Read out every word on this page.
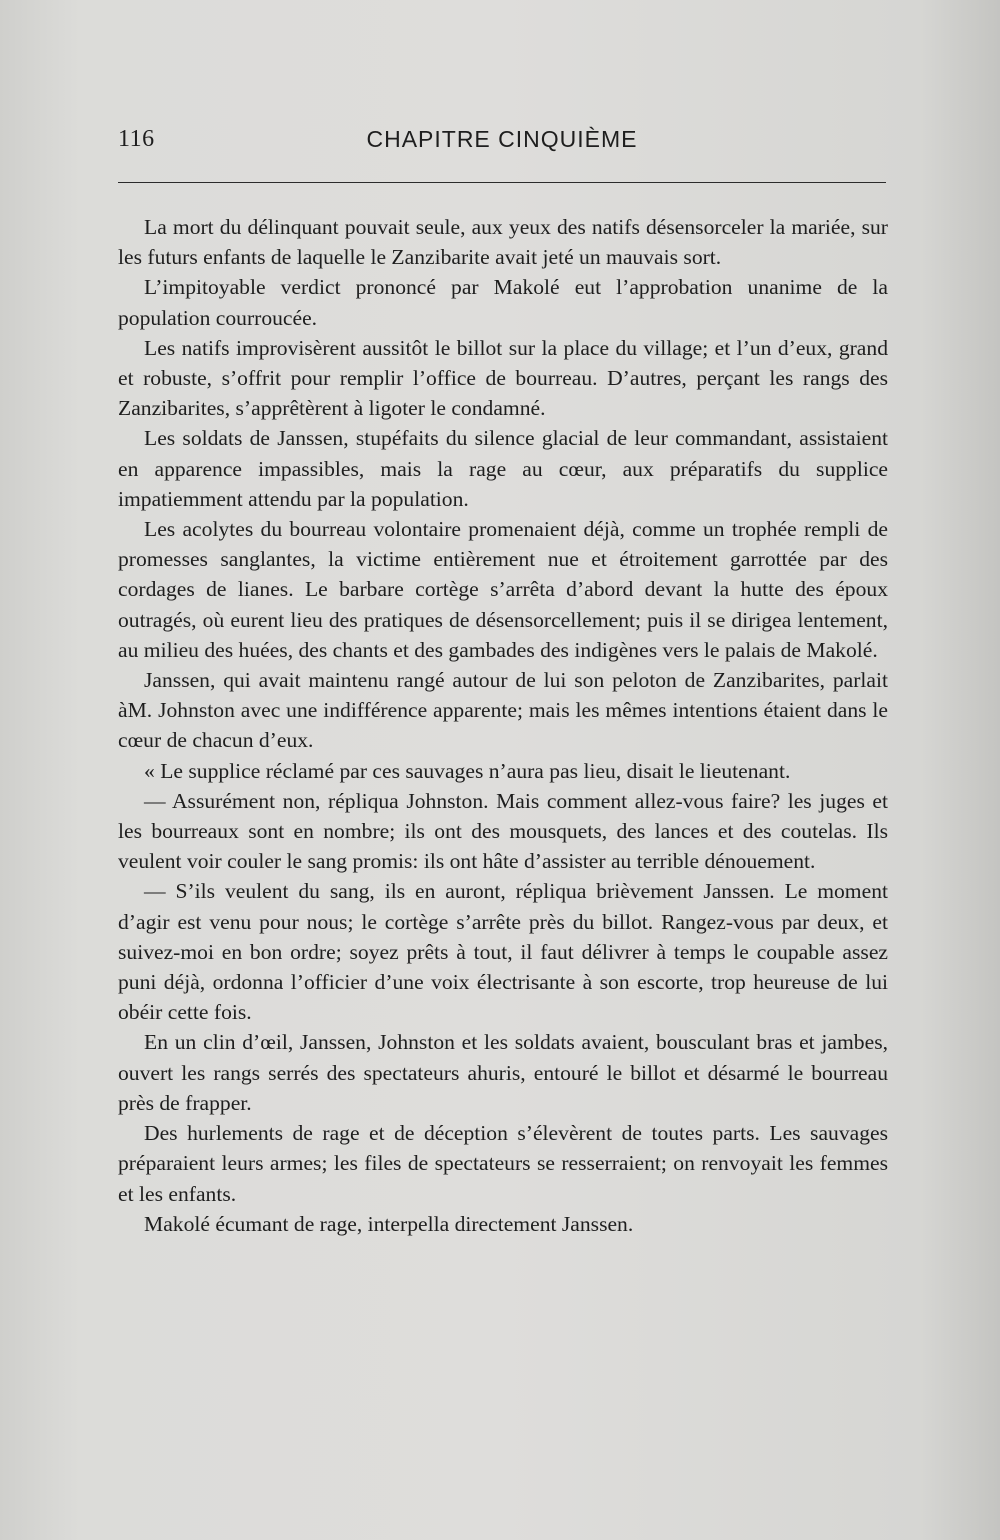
116	CHAPITRE CINQUIÈME

La mort du délinquant pouvait seule, aux yeux des natifs désensorceler la mariée, sur les futurs enfants de laquelle le Zanzibarite avait jeté un mauvais sort.

L’impitoyable verdict prononcé par Makolé eut l’approbation unanime de la population courroucée.

Les natifs improvisèrent aussitôt le billot sur la place du village; et l’un d’eux, grand et robuste, s’offrit pour remplir l’office de bourreau. D’autres, perçant les rangs des Zanzibarites, s’apprêtèrent à ligoter le condamné.

Les soldats de Janssen, stupéfaits du silence glacial de leur commandant, assistaient en apparence impassibles, mais la rage au cœur, aux préparatifs du supplice impatiemment attendu par la population.

Les acolytes du bourreau volontaire promenaient déjà, comme un trophée rempli de promesses sanglantes, la victime entièrement nue et étroitement garrottée par des cordages de lianes. Le barbare cortège s’arrêta d’abord devant la hutte des époux outragés, où eurent lieu des pratiques de désensorcellement; puis il se dirigea lentement, au milieu des huées, des chants et des gambades des indigènes vers le palais de Makolé.

Janssen, qui avait maintenu rangé autour de lui son peloton de Zanzibarites, parlait àM. Johnston avec une indifférence apparente; mais les mêmes intentions étaient dans le cœur de chacun d’eux.

« Le supplice réclamé par ces sauvages n’aura pas lieu, disait le lieutenant.

— Assurément non, répliqua Johnston. Mais comment allez-vous faire? les juges et les bourreaux sont en nombre; ils ont des mousquets, des lances et des coutelas. Ils veulent voir couler le sang promis: ils ont hâte d’assister au terrible dénouement.

— S’ils veulent du sang, ils en auront, répliqua brièvement Janssen. Le moment d’agir est venu pour nous; le cortège s’arrête près du billot. Rangez-vous par deux, et suivez-moi en bon ordre; soyez prêts à tout, il faut délivrer à temps le coupable assez puni déjà, ordonna l’officier d’une voix électrisante à son escorte, trop heureuse de lui obéir cette fois.

En un clin d’œil, Janssen, Johnston et les soldats avaient, bousculant bras et jambes, ouvert les rangs serrés des spectateurs ahuris, entouré le billot et désarmé le bourreau près de frapper.

Des hurlements de rage et de déception s’élevèrent de toutes parts. Les sauvages préparaient leurs armes; les files de spectateurs se resserraient; on renvoyait les femmes et les enfants.

Makolé écumant de rage, interpella directement Janssen.
